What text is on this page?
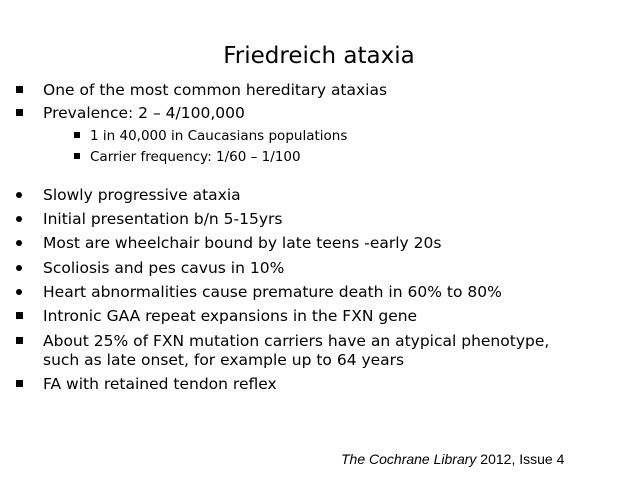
Friedreich ataxia
One of the most common hereditary ataxias
Prevalence: 2 – 4/100,000
1 in 40,000 in Caucasians populations
Carrier frequency: 1/60 – 1/100
Slowly progressive ataxia
Initial presentation b/n 5-15yrs
Most are wheelchair bound by late teens -early 20s
Scoliosis and pes cavus in 10%
Heart abnormalities cause premature death in 60% to 80%
Intronic GAA repeat expansions in the FXN gene
About 25% of FXN mutation carriers have an atypical phenotype,
such as late onset, for example up to 64 years
FA with retained tendon reflex
The Cochrane Library 2012, Issue 4
